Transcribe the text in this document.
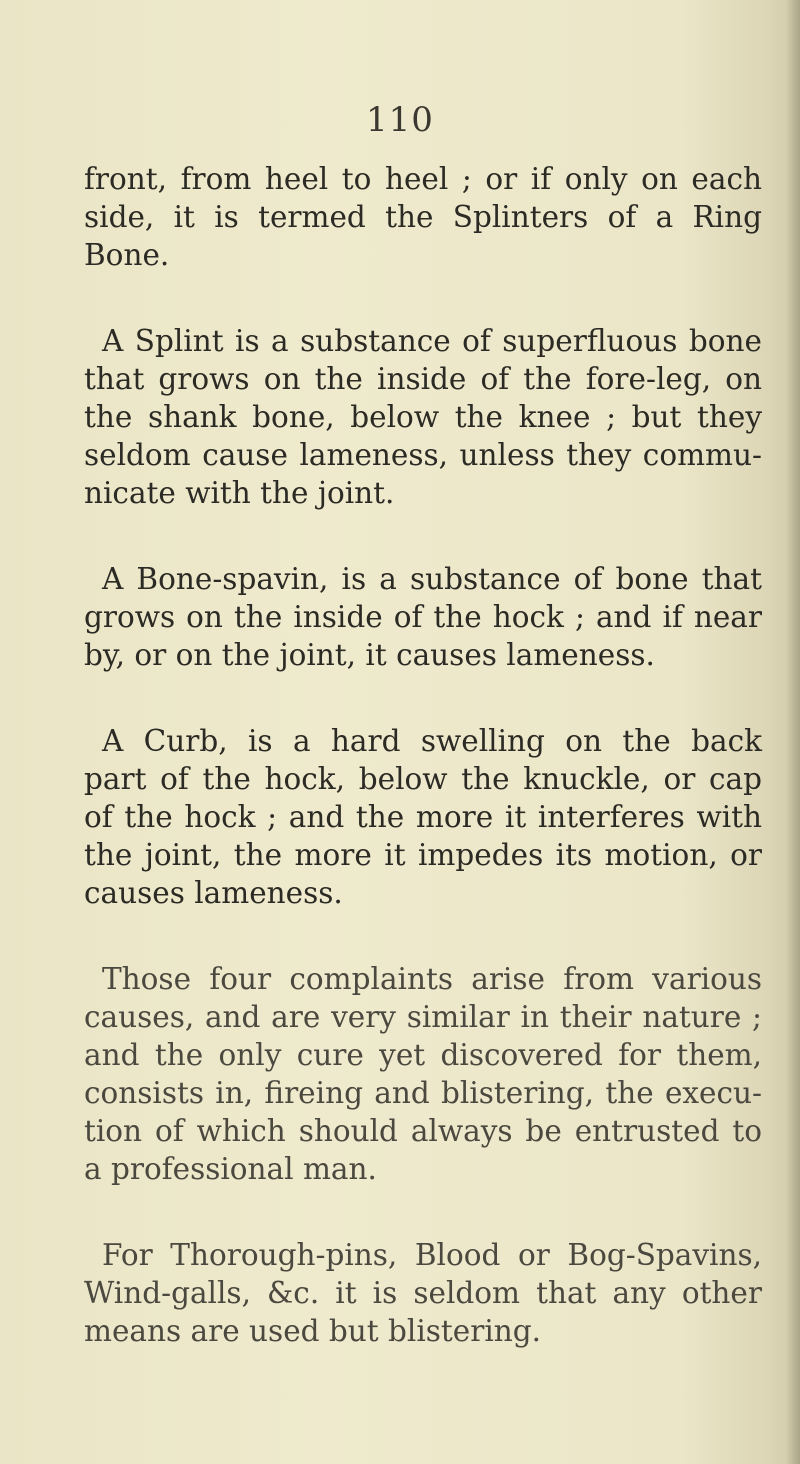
110
front, from heel to heel ; or if only on each
side, it is termed the Splinters of a Ring
Bone.
A Splint is a substance of superfluous bone
that grows on the inside of the fore-leg, on
the shank bone, below the knee ; but they
seldom cause lameness, unless they commu-
nicate with the joint.
A Bone-spavin, is a substance of bone that
grows on the inside of the hock ; and if near
by, or on the joint, it causes lameness.
A Curb, is a hard swelling on the back
part of the hock, below the knuckle, or cap
of the hock ; and the more it interferes with
the joint, the more it impedes its motion, or
causes lameness.
Those four complaints arise from various
causes, and are very similar in their nature ;
and the only cure yet discovered for them,
consists in, fireing and blistering, the execu-
tion of which should always be entrusted to
a professional man.
For Thorough-pins, Blood or Bog-Spavins,
Wind-galls, &c. it is seldom that any other
means are used but blistering.
